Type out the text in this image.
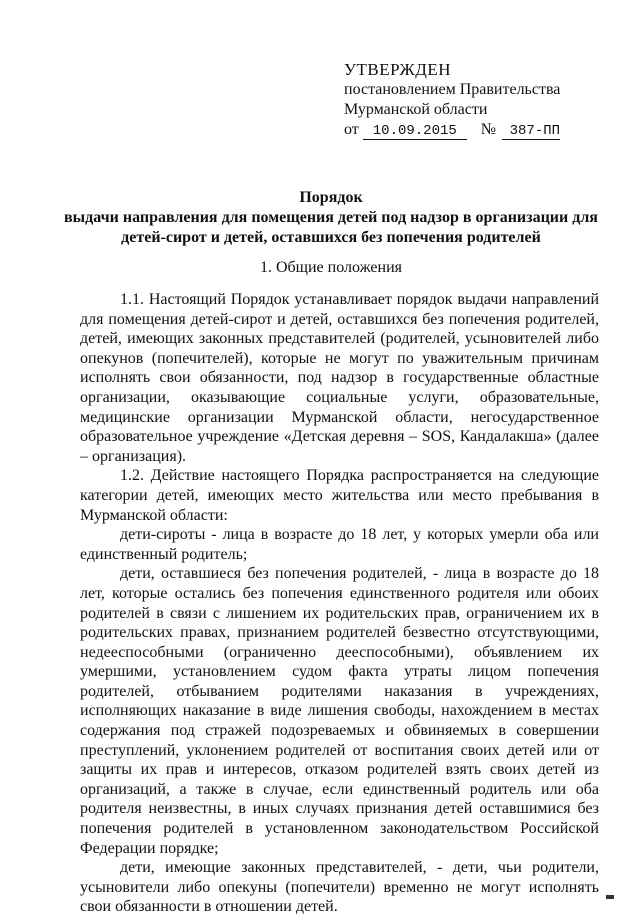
УТВЕРЖДЕН
постановлением Правительства
Мурманской области
от 10.09.2015 № 387-ПП
Порядок
выдачи направления для помещения детей под надзор в организации для
детей-сирот и детей, оставшихся без попечения родителей
1. Общие положения

1.1. Настоящий Порядок устанавливает порядок выдачи направлений для помещения детей-сирот и детей, оставшихся без попечения родителей, детей, имеющих законных представителей (родителей, усыновителей либо опекунов (попечителей), которые не могут по уважительным причинам исполнять свои обязанности, под надзор в государственные областные организации, оказывающие социальные услуги, образовательные, медицинские организации Мурманской области, негосударственное образовательное учреждение «Детская деревня – SOS, Кандалакша» (далее – организация).

1.2. Действие настоящего Порядка распространяется на следующие категории детей, имеющих место жительства или место пребывания в Мурманской области:

дети-сироты - лица в возрасте до 18 лет, у которых умерли оба или единственный родитель;

дети, оставшиеся без попечения родителей, - лица в возрасте до 18 лет, которые остались без попечения единственного родителя или обоих родителей в связи с лишением их родительских прав, ограничением их в родительских правах, признанием родителей безвестно отсутствующими, недееспособными (ограниченно дееспособными), объявлением их умершими, установлением судом факта утраты лицом попечения родителей, отбыванием родителями наказания в учреждениях, исполняющих наказание в виде лишения свободы, нахождением в местах содержания под стражей подозреваемых и обвиняемых в совершении преступлений, уклонением родителей от воспитания своих детей или от защиты их прав и интересов, отказом родителей взять своих детей из организаций, а также в случае, если единственный родитель или оба родителя неизвестны, в иных случаях признания детей оставшимися без попечения родителей в установленном законодательством Российской Федерации порядке;

дети, имеющие законных представителей, - дети, чьи родители, усыновители либо опекуны (попечители) временно не могут исполнять свои обязанности в отношении детей.
